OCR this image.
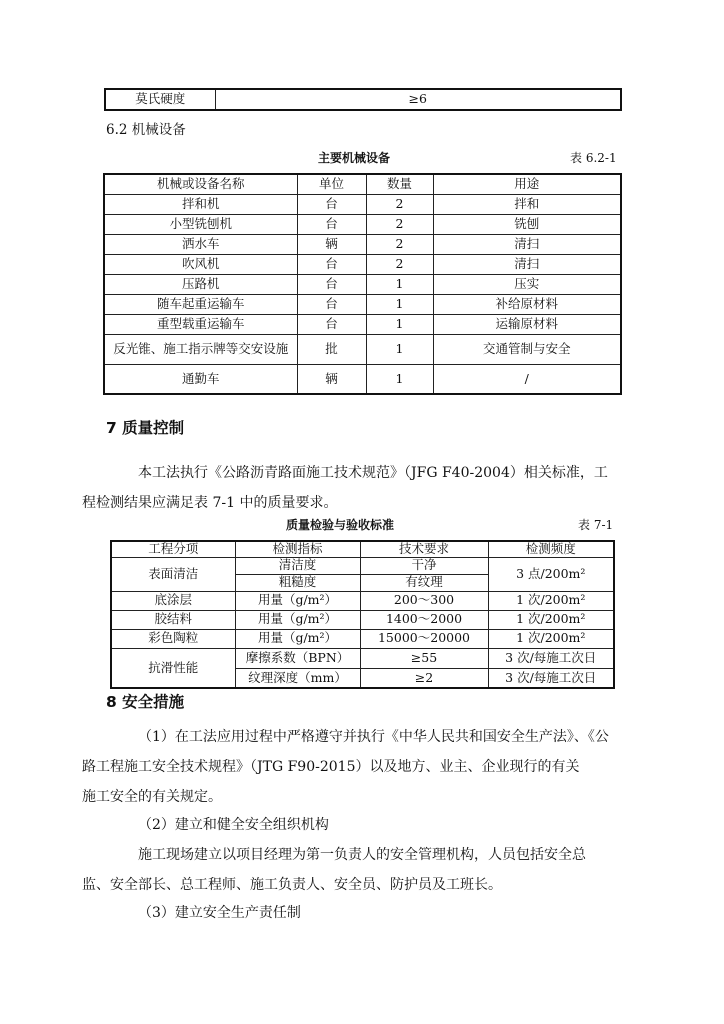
莫氏硬度	≥6
6.2 机械设备
主要机械设备	表 6.2-1
机械或设备名称	单位	数量	用途
拌和机	台	2	拌和
小型铣刨机	台	2	铣刨
洒水车	辆	2	清扫
吹风机	台	2	清扫
压路机	台	1	压实
随车起重运输车	台	1	补给原材料
重型载重运输车	台	1	运输原材料
反光锥、施工指示牌等交安设施	批	1	交通管制与安全
通勤车	辆	1	/
7 质量控制
本工法执行《公路沥青路面施工技术规范》（JFG F40-2004）相关标准，工
程检测结果应满足表 7-1 中的质量要求。
质量检验与验收标准	表 7-1
工程分项	检测指标	技术要求	检测频度
表面清洁	清洁度	干净	3 点/200m²
	粗糙度	有纹理	
底涂层	用量（g/m²）	200～300	1 次/200m²
胶结料	用量（g/m²）	1400～2000	1 次/200m²
彩色陶粒	用量（g/m²）	15000～20000	1 次/200m²
抗滑性能	摩擦系数（BPN）	≥55	3 次/每施工次日
	纹理深度（mm）	≥2	3 次/每施工次日
8 安全措施
（1）在工法应用过程中严格遵守并执行《中华人民共和国安全生产法》、《公
路工程施工安全技术规程》（JTG F90-2015）以及地方、业主、企业现行的有关
施工安全的有关规定。
（2）建立和健全安全组织机构
施工现场建立以项目经理为第一负责人的安全管理机构，人员包括安全总
监、安全部长、总工程师、施工负责人、安全员、防护员及工班长。
（3）建立安全生产责任制
